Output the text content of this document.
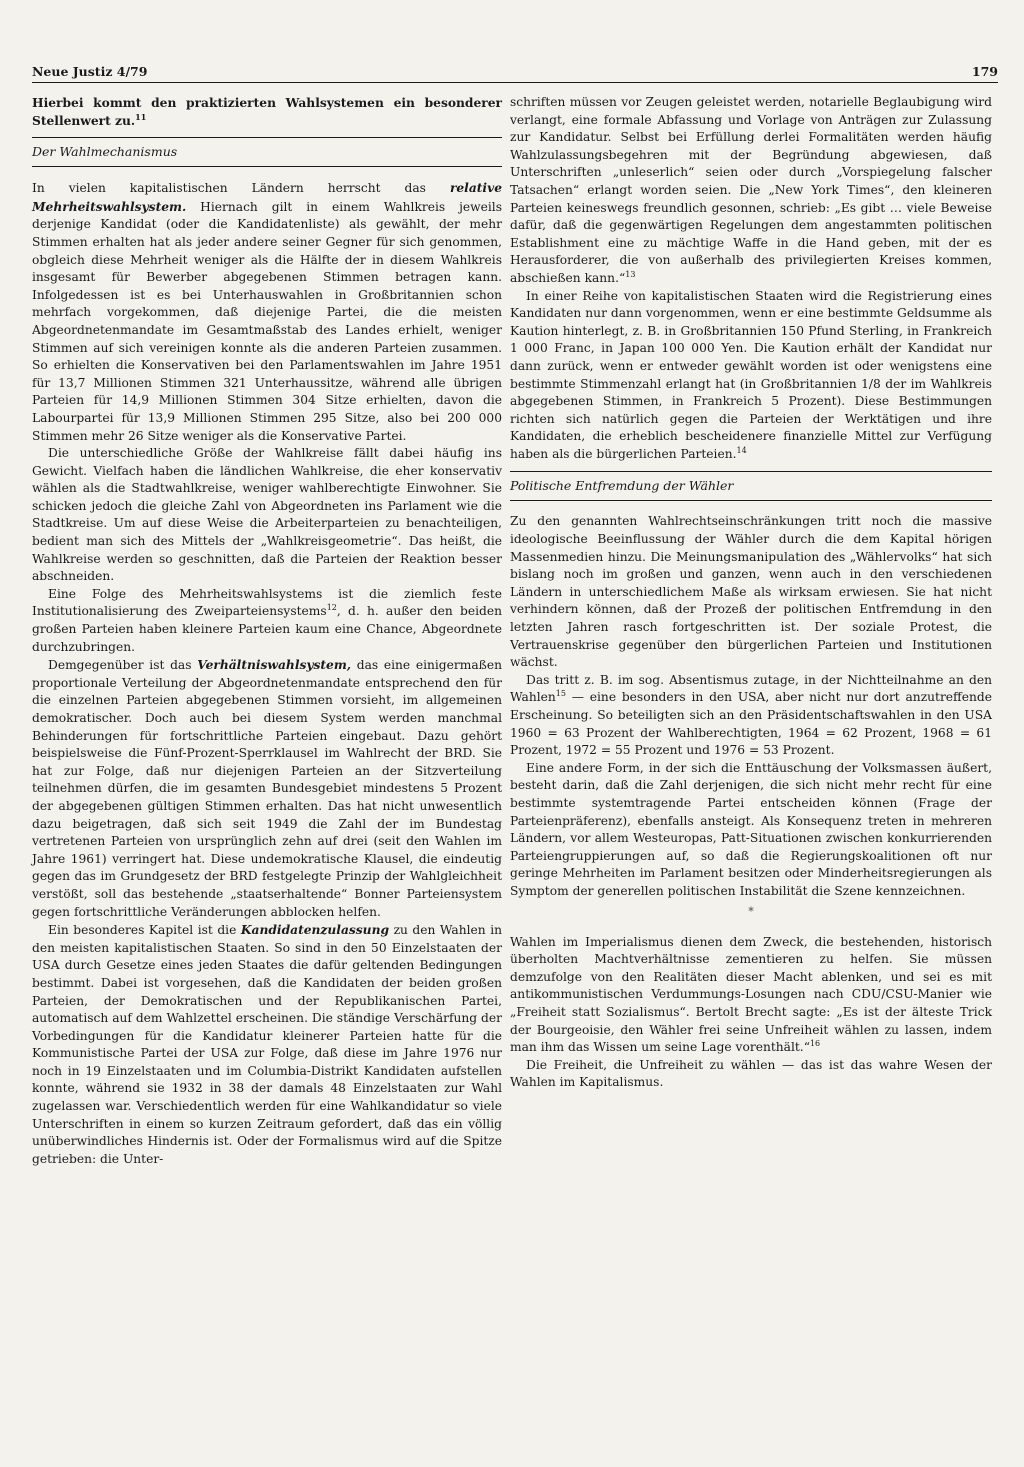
Neue Justiz 4/79	179

Hierbei kommt den praktizierten Wahlsystemen ein besonderer Stellenwert zu.$^{11}$

Der Wahlmechanismus

In vielen kapitalistischen Ländern herrscht das relative Mehrheitswahlsystem. Hiernach gilt in einem Wahlkreis jeweils derjenige Kandidat (oder die Kandidatenliste) als gewählt, der mehr Stimmen erhalten hat als jeder andere seiner Gegner für sich genommen, obgleich diese Mehrheit weniger als die Hälfte der in diesem Wahlkreis insgesamt für Bewerber abgegebenen Stimmen betragen kann. Infolgedessen ist es bei Unterhauswahlen in Großbritannien schon mehrfach vorgekommen, daß diejenige Partei, die die meisten Abgeordnetenmandate im Gesamtmaßstab des Landes erhielt, weniger Stimmen auf sich vereinigen konnte als die anderen Parteien zusammen. So erhielten die Konservativen bei den Parlamentswahlen im Jahre 1951 für 13,7 Millionen Stimmen 321 Unterhaussitze, während alle übrigen Parteien für 14,9 Millionen Stimmen 304 Sitze erhielten, davon die Labourpartei für 13,9 Millionen Stimmen 295 Sitze, also bei 200 000 Stimmen mehr 26 Sitze weniger als die Konservative Partei.

Die unterschiedliche Größe der Wahlkreise fällt dabei häufig ins Gewicht. Vielfach haben die ländlichen Wahlkreise, die eher konservativ wählen als die Stadtwahlkreise, weniger wahlberechtigte Einwohner. Sie schicken jedoch die gleiche Zahl von Abgeordneten ins Parlament wie die Stadtkreise. Um auf diese Weise die Arbeiterparteien zu benachteiligen, bedient man sich des Mittels der „Wahlkreisgeometrie“. Das heißt, die Wahlkreise werden so geschnitten, daß die Parteien der Reaktion besser abschneiden.

Eine Folge des Mehrheitswahlsystems ist die ziemlich feste Institutionalisierung des Zweiparteiensystems$^{12}$, d. h. außer den beiden großen Parteien haben kleinere Parteien kaum eine Chance, Abgeordnete durchzubringen.

Demgegenüber ist das Verhältniswahlsystem, das eine einigermaßen proportionale Verteilung der Abgeordnetenmandate entsprechend den für die einzelnen Parteien abgegebenen Stimmen vorsieht, im allgemeinen demokratischer. Doch auch bei diesem System werden manchmal Behinderungen für fortschrittliche Parteien eingebaut. Dazu gehört beispielsweise die Fünf-Prozent-Sperrklausel im Wahlrecht der BRD. Sie hat zur Folge, daß nur diejenigen Parteien an der Sitzverteilung teilnehmen dürfen, die im gesamten Bundesgebiet mindestens 5 Prozent der abgegebenen gültigen Stimmen erhalten. Das hat nicht unwesentlich dazu beigetragen, daß sich seit 1949 die Zahl der im Bundestag vertretenen Parteien von ursprünglich zehn auf drei (seit den Wahlen im Jahre 1961) verringert hat. Diese undemokratische Klausel, die eindeutig gegen das im Grundgesetz der BRD festgelegte Prinzip der Wahlgleichheit verstößt, soll das bestehende „staatserhaltende“ Bonner Parteiensystem gegen fortschrittliche Veränderungen abblocken helfen.

Ein besonderes Kapitel ist die Kandidatenzulassung zu den Wahlen in den meisten kapitalistischen Staaten. So sind in den 50 Einzelstaaten der USA durch Gesetze eines jeden Staates die dafür geltenden Bedingungen bestimmt. Dabei ist vorgesehen, daß die Kandidaten der beiden großen Parteien, der Demokratischen und der Republikanischen Partei, automatisch auf dem Wahlzettel erscheinen. Die ständige Verschärfung der Vorbedingungen für die Kandidatur kleinerer Parteien hatte für die Kommunistische Partei der USA zur Folge, daß diese im Jahre 1976 nur noch in 19 Einzelstaaten und im Columbia-Distrikt Kandidaten aufstellen konnte, während sie 1932 in 38 der damals 48 Einzelstaaten zur Wahl zugelassen war. Verschiedentlich werden für eine Wahlkandidatur so viele Unterschriften in einem so kurzen Zeitraum gefordert, daß das ein völlig unüberwindliches Hindernis ist. Oder der Formalismus wird auf die Spitze getrieben: die Unter-

schriften müssen vor Zeugen geleistet werden, notarielle Beglaubigung wird verlangt, eine formale Abfassung und Vorlage von Anträgen zur Zulassung zur Kandidatur. Selbst bei Erfüllung derlei Formalitäten werden häufig Wahlzulassungsbegehren mit der Begründung abgewiesen, daß Unterschriften „unleserlich“ seien oder durch „Vorspiegelung falscher Tatsachen“ erlangt worden seien. Die „New York Times“, den kleineren Parteien keineswegs freundlich gesonnen, schrieb: „Es gibt … viele Beweise dafür, daß die gegenwärtigen Regelungen dem angestammten politischen Establishment eine zu mächtige Waffe in die Hand geben, mit der es Herausforderer, die von außerhalb des privilegierten Kreises kommen, abschießen kann.“$^{13}$

In einer Reihe von kapitalistischen Staaten wird die Registrierung eines Kandidaten nur dann vorgenommen, wenn er eine bestimmte Geldsumme als Kaution hinterlegt, z. B. in Großbritannien 150 Pfund Sterling, in Frankreich 1 000 Franc, in Japan 100 000 Yen. Die Kaution erhält der Kandidat nur dann zurück, wenn er entweder gewählt worden ist oder wenigstens eine bestimmte Stimmenzahl erlangt hat (in Großbritannien 1/8 der im Wahlkreis abgegebenen Stimmen, in Frankreich 5 Prozent). Diese Bestimmungen richten sich natürlich gegen die Parteien der Werktätigen und ihre Kandidaten, die erheblich bescheidenere finanzielle Mittel zur Verfügung haben als die bürgerlichen Parteien.$^{14}$

Politische Entfremdung der Wähler

Zu den genannten Wahlrechtseinschränkungen tritt noch die massive ideologische Beeinflussung der Wähler durch die dem Kapital hörigen Massenmedien hinzu. Die Meinungsmanipulation des „Wählervolks“ hat sich bislang noch im großen und ganzen, wenn auch in den verschiedenen Ländern in unterschiedlichem Maße als wirksam erwiesen. Sie hat nicht verhindern können, daß der Prozeß der politischen Entfremdung in den letzten Jahren rasch fortgeschritten ist. Der soziale Protest, die Vertrauenskrise gegenüber den bürgerlichen Parteien und Institutionen wächst.

Das tritt z. B. im sog. Absentismus zutage, in der Nichtteilnahme an den Wahlen$^{15}$ — eine besonders in den USA, aber nicht nur dort anzutreffende Erscheinung. So beteiligten sich an den Präsidentschaftswahlen in den USA 1960 = 63 Prozent der Wahlberechtigten, 1964 = 62 Prozent, 1968 = 61 Prozent, 1972 = 55 Prozent und 1976 = 53 Prozent.

Eine andere Form, in der sich die Enttäuschung der Volksmassen äußert, besteht darin, daß die Zahl derjenigen, die sich nicht mehr recht für eine bestimmte systemtragende Partei entscheiden können (Frage der Parteienpräferenz), ebenfalls ansteigt. Als Konsequenz treten in mehreren Ländern, vor allem Westeuropas, Patt-Situationen zwischen konkurrierenden Parteiengruppierungen auf, so daß die Regierungskoalitionen oft nur geringe Mehrheiten im Parlament besitzen oder Minderheitsregierungen als Symptom der generellen politischen Instabilität die Szene kennzeichnen.

*

Wahlen im Imperialismus dienen dem Zweck, die bestehenden, historisch überholten Machtverhältnisse zementieren zu helfen. Sie müssen demzufolge von den Realitäten dieser Macht ablenken, und sei es mit antikommunistischen Verdummungs-Losungen nach CDU/CSU-Manier wie „Freiheit statt Sozialismus“. Bertolt Brecht sagte: „Es ist der älteste Trick der Bourgeoisie, den Wähler frei seine Unfreiheit wählen zu lassen, indem man ihm das Wissen um seine Lage vorenthält.“$^{16}$

Die Freiheit, die Unfreiheit zu wählen — das ist das wahre Wesen der Wahlen im Kapitalismus.
